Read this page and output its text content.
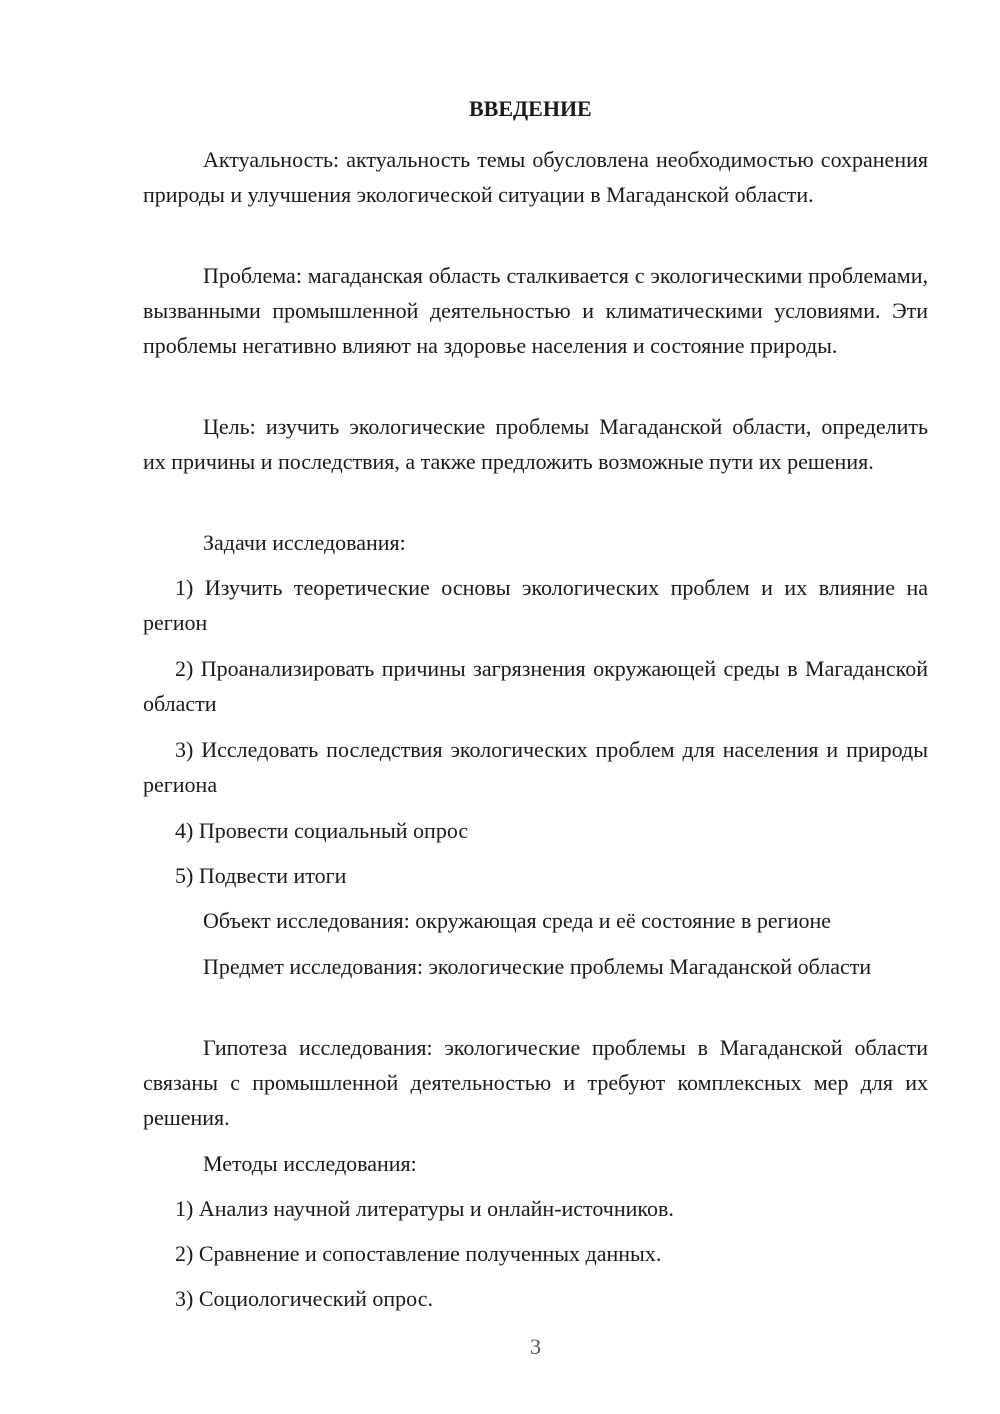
ВВЕДЕНИЕ

Актуальность: актуальность темы обусловлена необходимостью сохранения природы и улучшения экологической ситуации в Магаданской области.

Проблема: магаданская область сталкивается с экологическими проблемами, вызванными промышленной деятельностью и климатическими условиями. Эти проблемы негативно влияют на здоровье населения и состояние природы.

Цель: изучить экологические проблемы Магаданской области, определить их причины и последствия, а также предложить возможные пути их решения.

Задачи исследования:

1) Изучить теоретические основы экологических проблем и их влияние на регион

2) Проанализировать причины загрязнения окружающей среды в Магаданской области

3) Исследовать последствия экологических проблем для населения и природы региона

4) Провести социальный опрос

5) Подвести итоги

Объект исследования: окружающая среда и её состояние в регионе

Предмет исследования: экологические проблемы Магаданской области

Гипотеза исследования: экологические проблемы в Магаданской области связаны с промышленной деятельностью и требуют комплексных мер для их решения.

Методы исследования:

1) Анализ научной литературы и онлайн-источников.

2) Сравнение и сопоставление полученных данных.

3) Социологический опрос.

3
